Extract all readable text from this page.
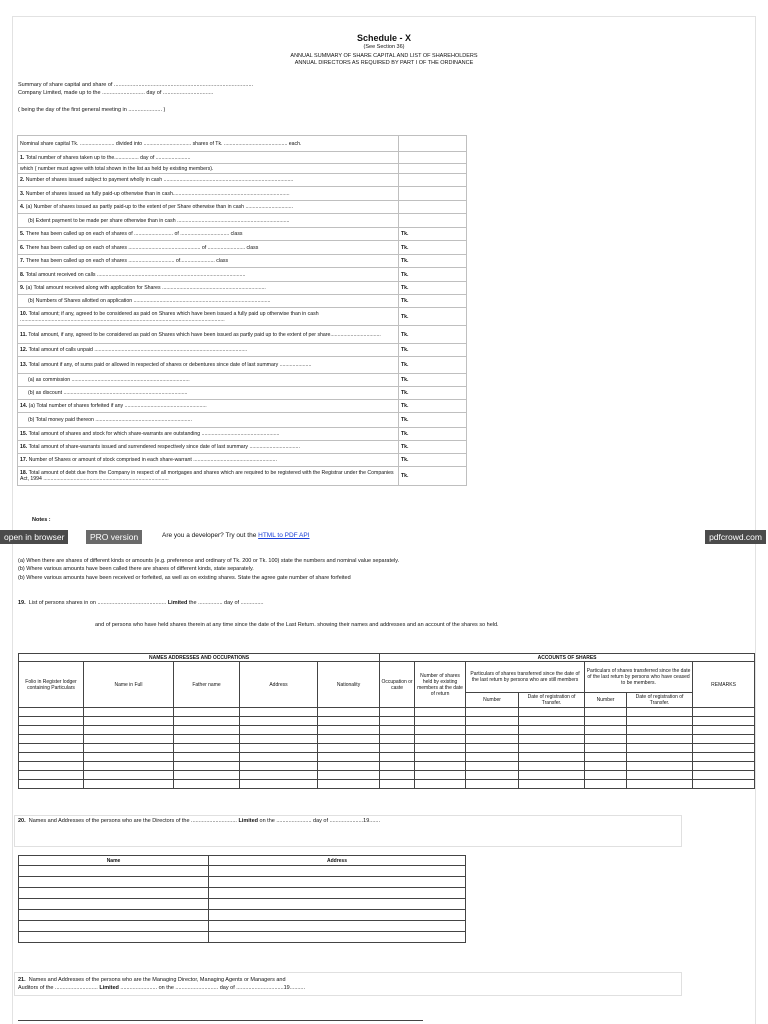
Schedule - X
(See Section 36)
ANNUAL SUMMARY OF SHARE CAPITAL AND LIST OF SHAREHOLDERS
ANNUAL DIRECTORS AS REQUIRED BY PART I OF THE ORDINANCE
Summary of share capital and share of ...........................................................................................
Company Limited, made up to the ............................ day of .................................
( being the day of the first general meeting in ...................... )
Nominal share capital Tk. ........................ divided into ................................. shares of Tk. ............................................ each.	
1. Total number of shares taken up to the................. day of ........................	
which ( number must agree with total shown in the list as held by existing members).	
2. Number of shares issued subject to payment wholly in cash ..........................................................................................	
3. Number of shares issued as fully paid-up otherwise than in cash.................................................................................	
4. (a) Number of shares issued as partly paid-up to the extent of per Share otherwise than in cash .................................	
(b) Extent payment to be made per share otherwise than in cash ..............................................................................	
5. There has been called up on each of shares of ........................... of .................................. class	Tk.
6. There has been called up on each of shares .................................................. of .......................... class	Tk.
7. There has been called up on each of shares ................................ of........................ class	Tk.
8. Total amount received on calls .......................................................................................................	Tk.
9. (a) Total amount received along with application for Shares ........................................................................	Tk.
(b) Numbers of Shares allotted on application ...............................................................................................	Tk.
10. Total amount; if any, agreed to be considered as paid on Shares which have been issued a fully paid up otherwise than in cash ..............................................................................................................................................	Tk.
11. Total amount, if any, agreed to be considered as paid on Shares which have been issued as partly paid up to the extent of per share...................................	Tk.
12. Total amount of calls unpaid ..........................................................................................................	Tk.
13. Total amount if any, of sums paid or allowed in respected of shares or debentures since date of last summary ......................	Tk.
(a) as commission ..................................................................................	Tk.
(b) as discount ......................................................................................	Tk.
14. (a) Total number of shares forfeited if any .........................................................	Tk.
(b) Total money paid thereon ...................................................................	Tk.
15. Total amount of shares and stock for which share-warrants are outstanding ......................................................	Tk.
16. Total amount of share-warrants issued and surrendered respectively since date of last summary ...................................	Tk.
17. Number of Shares or amount of stock comprised in each share-warrant ..........................................................	Tk.
18. Total amount of debt due from the Company in respect of all mortgages and shares which are required to be registered with the Registrar under the Companies Act, 1994 .......................................................................................	Tk.
Notes :
open in browser	PRO version	Are you a developer? Try out the HTML to PDF API	pdfcrowd.com
(a) When there are shares of different kinds or amounts (e.g. preference and ordinary of Tk. 200 or Tk. 100) state the numbers and nominal value separately.
(b) Where various amounts have been called there are shares of different kinds, state separately.
(b) Where various amounts have been received or forfeited, as well as on existing shares. State the agree gate number of share forfeited
19. List of persons shares in on ............................................. Limited the ................ day of ...............
and of persons who have held shares therein at any time since the date of the Last Return. showing their names and addresses and an account of the shares so held.
NAMES ADDRESSES AND OCCUPATIONS					ACCOUNTS OF SHARES						
Folio in Register lodger containing Particulars	Name in Full	Father name	Address	Nationality	Occupation or caste	Number of shares held by existing members at the date of return	Particulars of shares transferred since the date of the last return by persons who are still members		Particulars of shares transferred since the date of the last return by persons who have ceased to be members.		REMARKS
							Number	Date of registration of Transfer.	Number	Date of registration of Transfer.	

20. Names and Addresses of the persons who are the Directors of the .............................. Limited on the ....................... day of ......................19.......
Name	Address

21. Names and Addresses of the persons who are the Managing Director, Managing Agents or Managers and
Auditors of the ............................ Limited ........................ on the ............................ day of ...............................19..........
